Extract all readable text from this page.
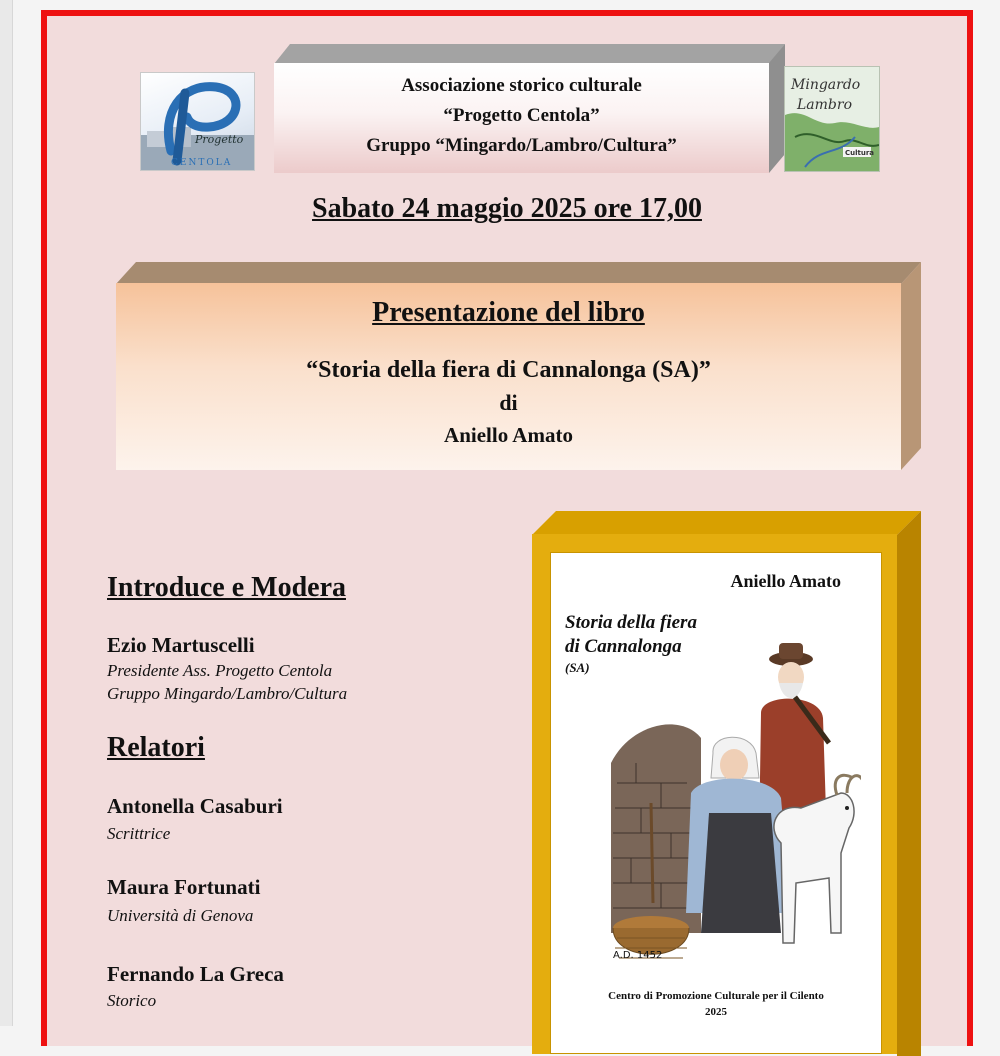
Progetto
CENTOLA
Associazione storico culturale
“Progetto Centola”
Gruppo “Mingardo/Lambro/Cultura”
Mingardo
Lambro
Cultura
Sabato 24 maggio 2025 ore 17,00
Presentazione del libro
“Storia della fiera di Cannalonga (SA)”
di
Aniello Amato
Introduce e Modera
Ezio Martuscelli
Presidente Ass. Progetto Centola
Gruppo Mingardo/Lambro/Cultura
Relatori
Antonella Casaburi
Scrittrice
Maura Fortunati
Università di Genova
Fernando La Greca
Storico
Aniello Amato
Storia della fiera
di Cannalonga
(SA)
A.D. 1452
Centro di Promozione Culturale per il Cilento
2025
